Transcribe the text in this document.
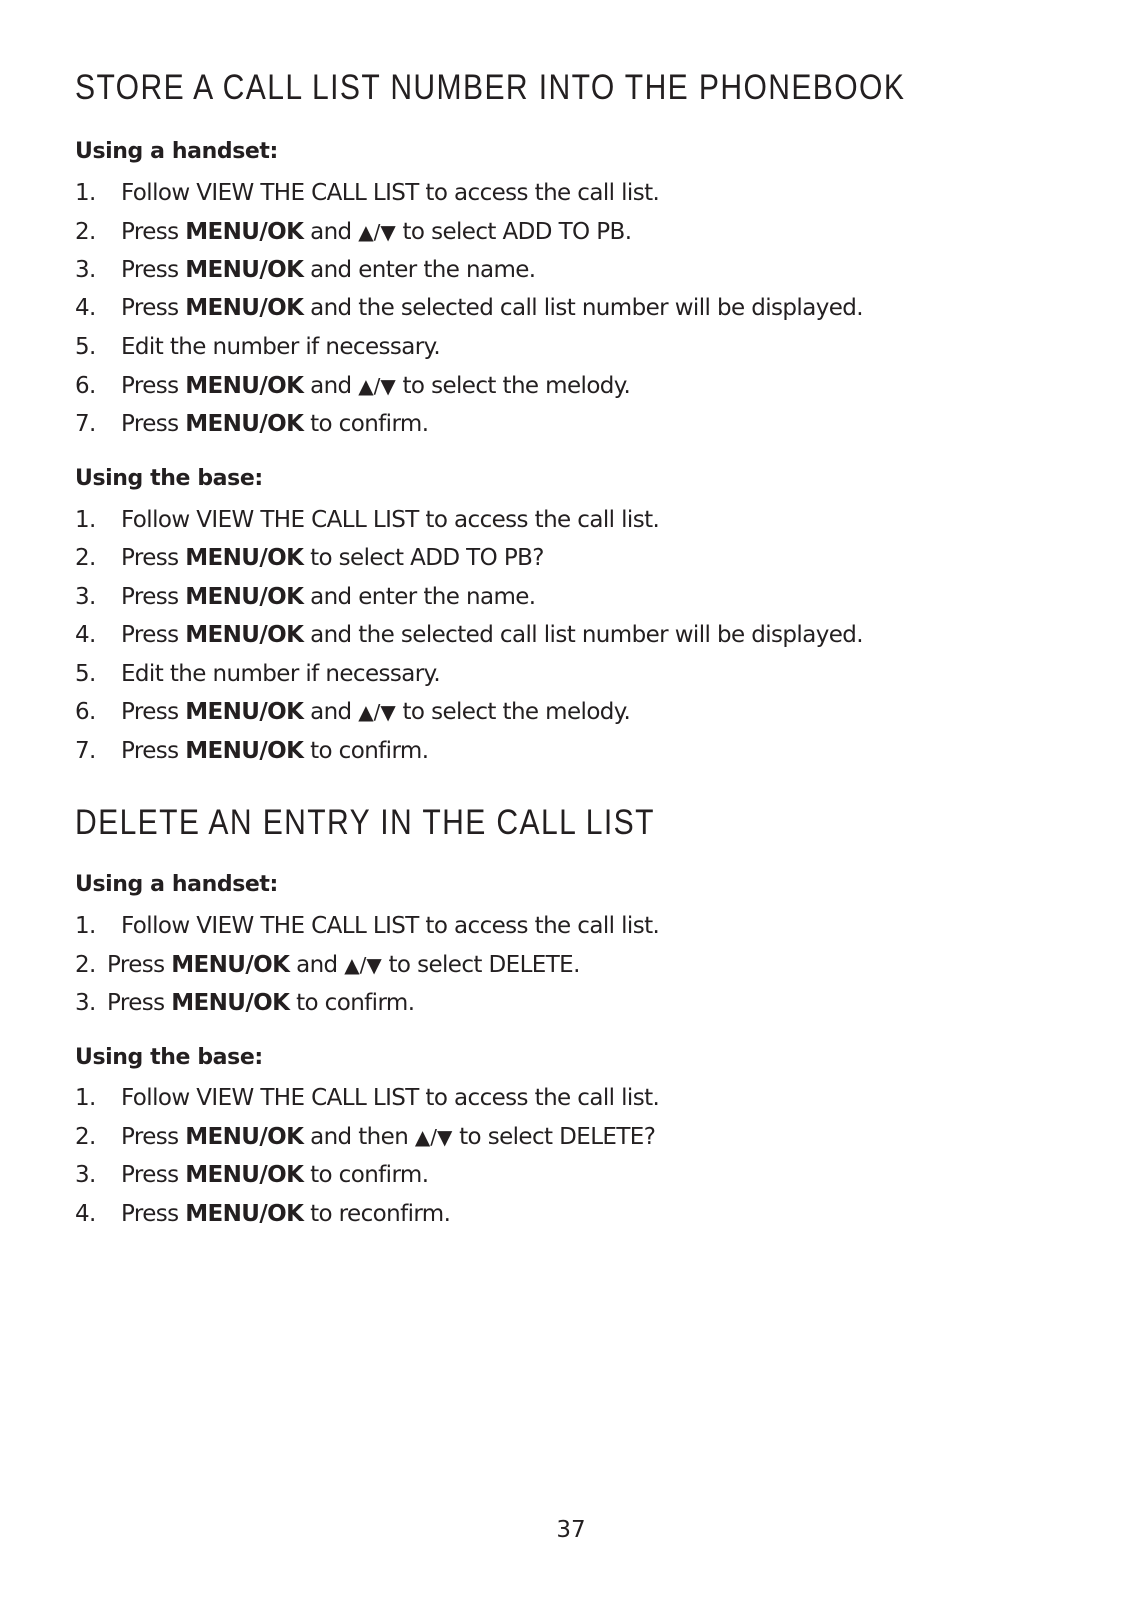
STORE A CALL LIST NUMBER INTO THE PHONEBOOK
Using a handset:
1.	Follow VIEW THE CALL LIST to access the call list.
2.	Press MENU/OK and ▲/▼ to select ADD TO PB.
3.	Press MENU/OK and enter the name.
4.	Press MENU/OK and the selected call list number will be displayed.
5.	Edit the number if necessary.
6.	Press MENU/OK and ▲/▼ to select the melody.
7.	Press MENU/OK to confirm.
Using the base:
1.	Follow VIEW THE CALL LIST to access the call list.
2.	Press MENU/OK to select ADD TO PB?
3.	Press MENU/OK and enter the name.
4.	Press MENU/OK and the selected call list number will be displayed.
5.	Edit the number if necessary.
6.	Press MENU/OK and ▲/▼ to select the melody.
7.	Press MENU/OK to confirm.
DELETE AN ENTRY IN THE CALL LIST
Using a handset:
1.	Follow VIEW THE CALL LIST to access the call list.
2. Press MENU/OK and ▲/▼ to select DELETE.
3. Press MENU/OK to confirm.
Using the base:
1.	Follow VIEW THE CALL LIST to access the call list.
2.	Press MENU/OK and then ▲/▼ to select DELETE?
3.	Press MENU/OK to confirm.
4.	Press MENU/OK to reconfirm.
37
